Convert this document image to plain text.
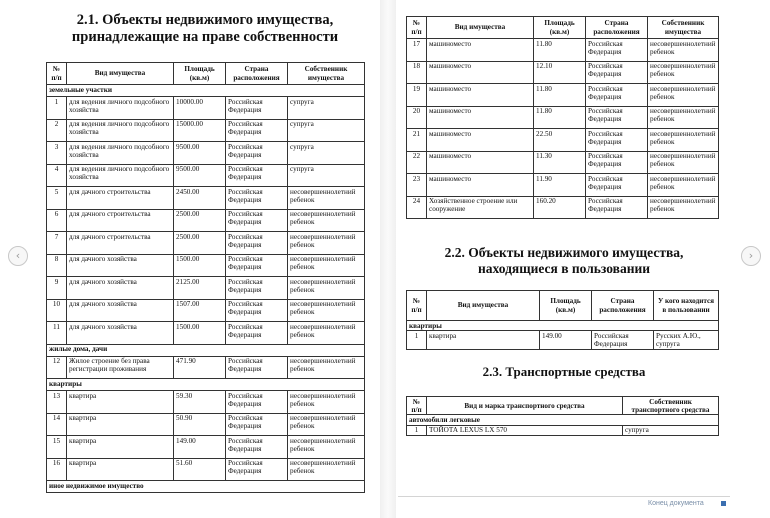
‹	›
2.1. Объекты недвижимого имущества,
принадлежащие на праве собственности
№ п/п	Вид имущества	Площадь (кв.м)	Страна расположения	Собственник имущества
земельные участки				
1	для ведения личного подсобного хозяйства	10000.00	Российская Федерация	супруга
2	для ведения личного подсобного хозяйства	15000.00	Российская Федерация	супруга
3	для ведения личного подсобного хозяйства	9500.00	Российская Федерация	супруга
4	для ведения личного подсобного хозяйства	9500.00	Российская Федерация	супруга
5	для дачного строительства	2450.00	Российская Федерация	несовершеннолетний ребенок
6	для дачного строительства	2500.00	Российская Федерация	несовершеннолетний ребенок
7	для дачного строительства	2500.00	Российская Федерация	несовершеннолетний ребенок
8	для дачного хозяйства	1500.00	Российская Федерация	несовершеннолетний ребенок
9	для дачного хозяйства	2125.00	Российская Федерация	несовершеннолетний ребенок
10	для дачного хозяйства	1507.00	Российская Федерация	несовершеннолетний ребенок
11	для дачного хозяйства	1500.00	Российская Федерация	несовершеннолетний ребенок
жилые дома, дачи				
12	Жилое строение без права регистрации проживания	471.90	Российская Федерация	несовершеннолетний ребенок
квартиры				
13	квартира	59.30	Российская Федерация	несовершеннолетний ребенок
14	квартира	50.90	Российская Федерация	несовершеннолетний ребенок
15	квартира	149.00	Российская Федерация	несовершеннолетний ребенок
16	квартира	51.60	Российская Федерация	несовершеннолетний ребенок
иное недвижимое имущество				
№ п/п	Вид имущества	Площадь (кв.м)	Страна расположения	Собственник имущества
17	машиноместо	11.80	Российская Федерация	несовершеннолетний ребенок
18	машиноместо	12.10	Российская Федерация	несовершеннолетний ребенок
19	машиноместо	11.80	Российская Федерация	несовершеннолетний ребенок
20	машиноместо	11.80	Российская Федерация	несовершеннолетний ребенок
21	машиноместо	22.50	Российская Федерация	несовершеннолетний ребенок
22	машиноместо	11.30	Российская Федерация	несовершеннолетний ребенок
23	машиноместо	11.90	Российская Федерация	несовершеннолетний ребенок
24	Хозяйственное строение или сооружение	160.20	Российская Федерация	несовершеннолетний ребенок
2.2. Объекты недвижимого имущества,
находящиеся в пользовании
№ п/п	Вид имущества	Площадь (кв.м)	Страна расположения	У кого находится в пользовании
квартиры				
1	квартира	149.00	Российская Федерация	Русских А.Ю., супруга
2.3. Транспортные средства
№ п/п	Вид и марка транспортного средства	Собственник транспортного средства
автомобили легковые		
1	ТОЙОТА LEXUS LX 570	супруга
Конец документа
